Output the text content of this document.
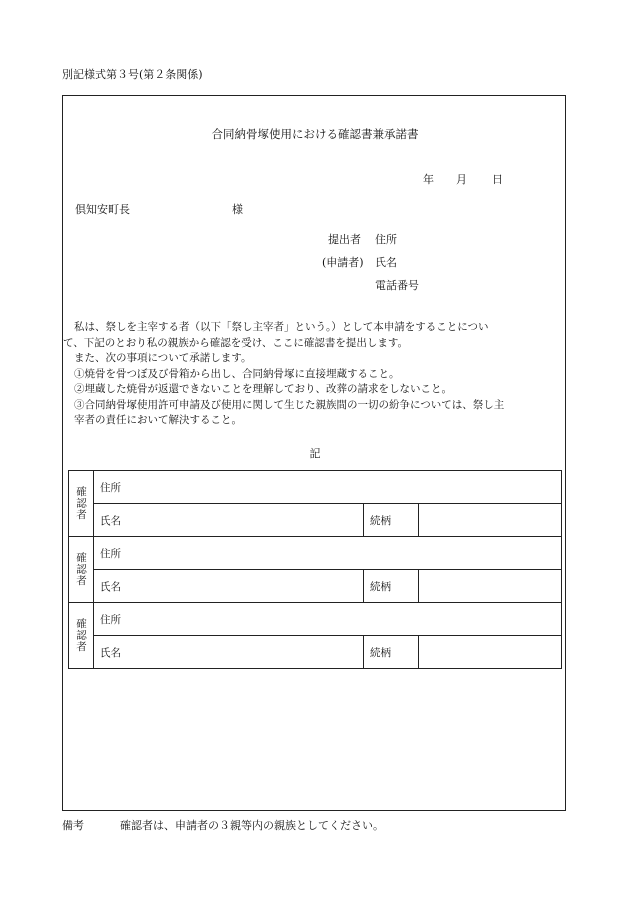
別記様式第３号(第２条関係)
合同納骨塚使用における確認書兼承諾書
年 月 日
倶知安町長	様
提出者 住所
(申請者) 氏名
電話番号

私は、祭しを主宰する者（以下「祭し主宰者」という。）として本申請をすることについ

て、下記のとおり私の親族から確認を受け、ここに確認書を提出します。

また、次の事項について承諾します。

①焼骨を骨つぼ及び骨箱から出し、合同納骨塚に直接埋蔵すること。

②埋蔵した焼骨が返還できないことを理解しており、改葬の請求をしないこと。

③合同納骨塚使用許可申請及び使用に関して生じた親族間の一切の紛争については、祭し主

宰者の責任において解決すること。

記
確認者	住所		
	氏名	続柄	
確認者	住所		
	氏名	続柄	
確認者	住所		
	氏名	続柄	
備考	確認者は、申請者の３親等内の親族としてください。
